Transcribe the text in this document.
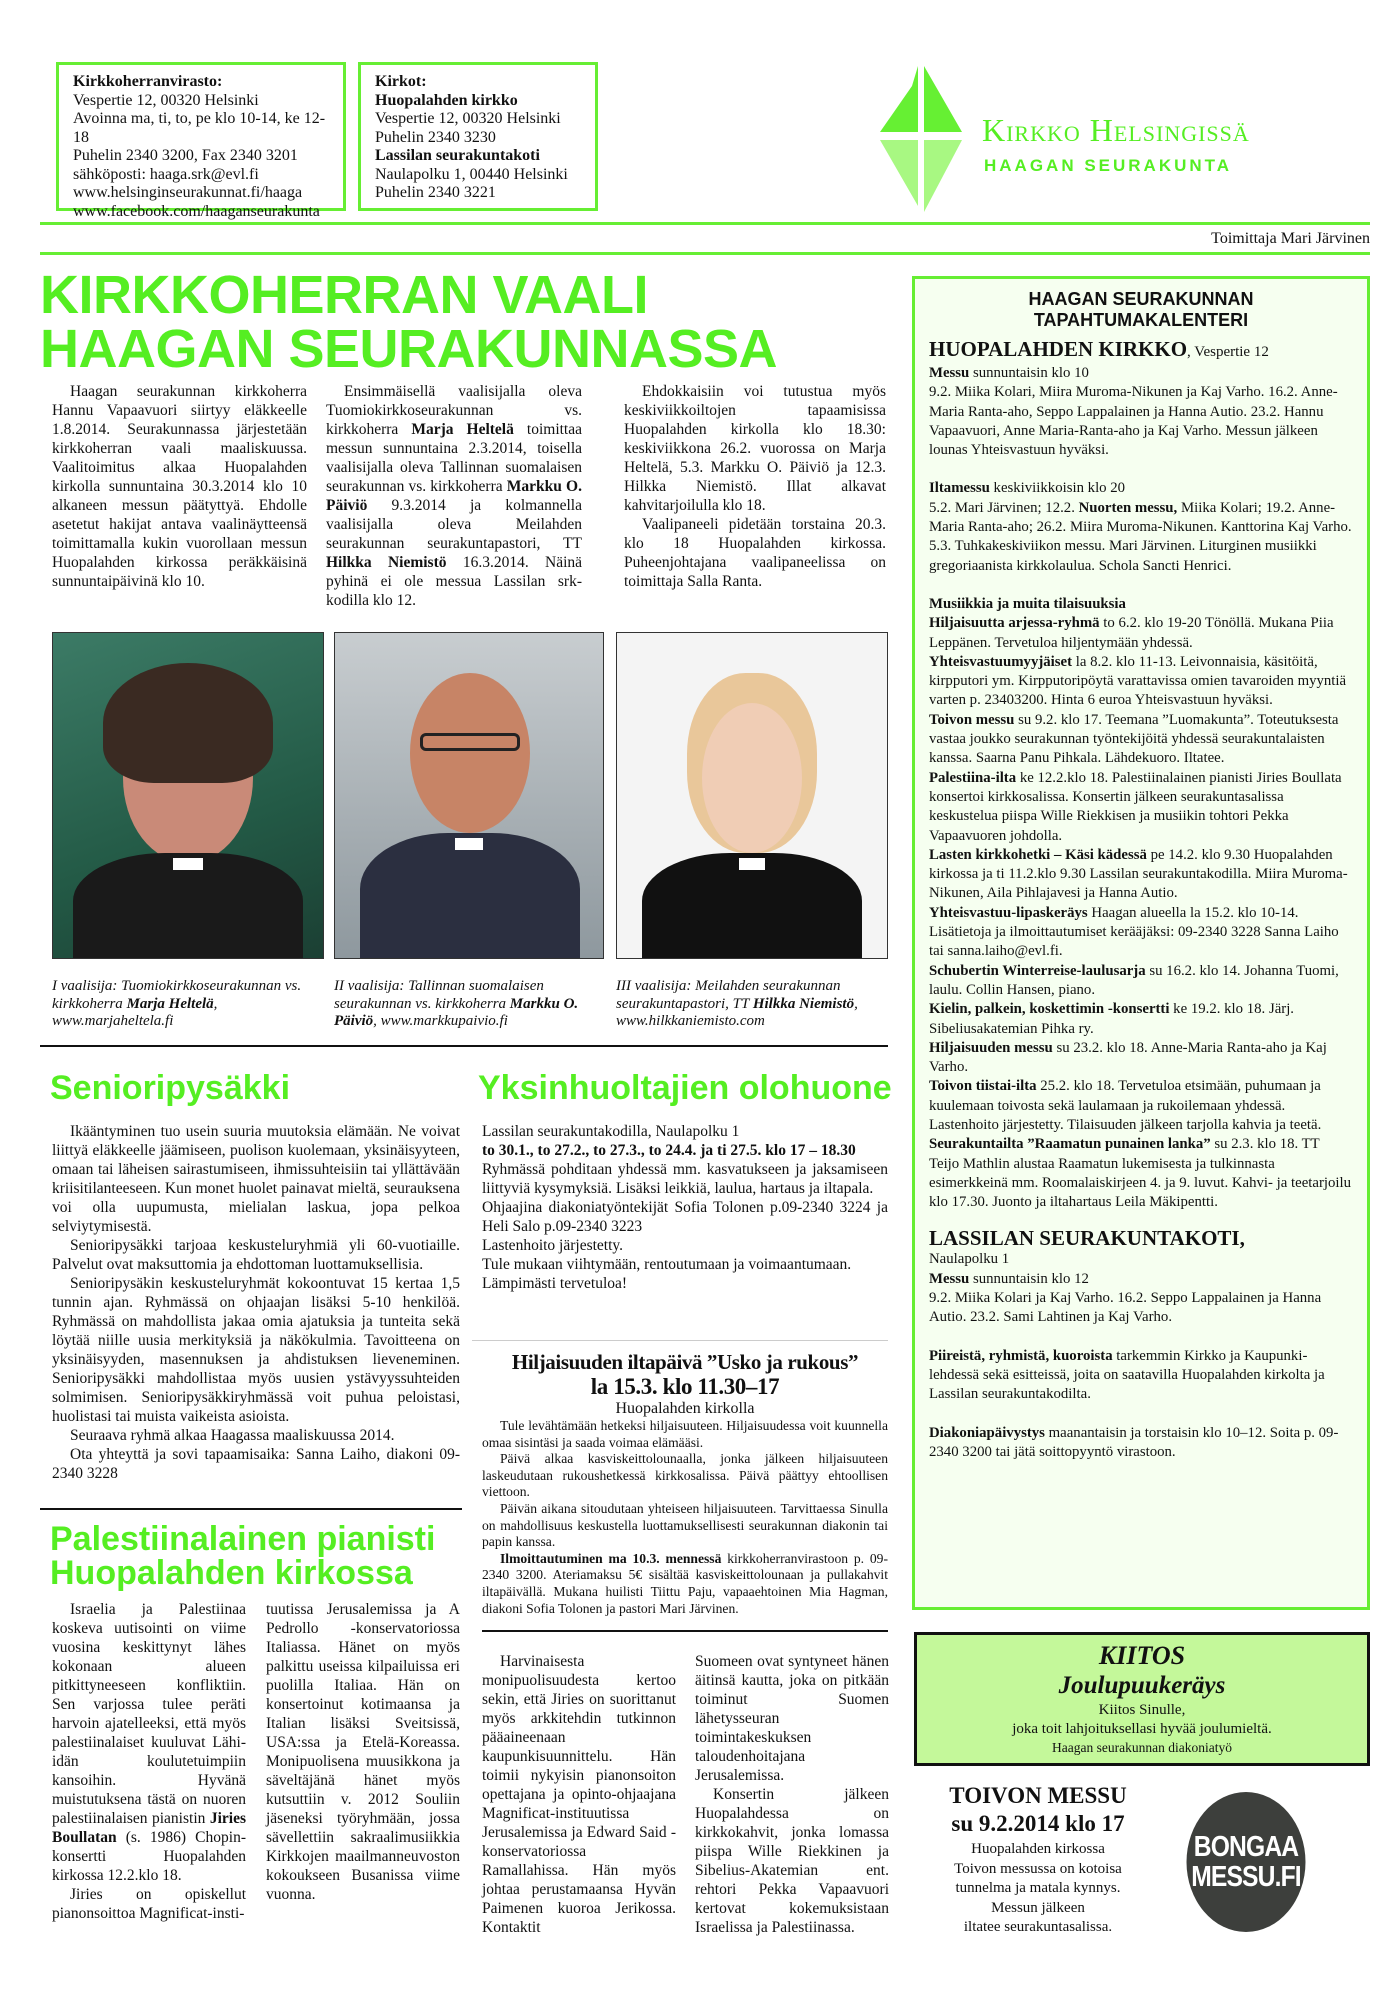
Kirkkoherranvirasto:
Vespertie 12, 00320 Helsinki
Avoinna ma, ti, to, pe klo 10-14, ke 12-18
Puhelin 2340 3200, Fax 2340 3201
sähköposti: haaga.srk@evl.fi
www.helsinginseurakunnat.fi/haaga
www.facebook.com/haaganseurakunta
Kirkot:
Huopalahden kirkko
Vespertie 12, 00320 Helsinki
Puhelin 2340 3230
Lassilan seurakuntakoti
Naulapolku 1, 00440 Helsinki
Puhelin 2340 3221
Kirkko Helsingissä
HAAGAN SEURAKUNTA
Toimittaja Mari Järvinen
KIRKKOHERRAN VAALI
HAAGAN SEURAKUNNASSA

Haagan seurakunnan kirkkoherra Hannu Vapaavuori siirtyy eläkkeelle 1.8.2014. Seurakunnassa järjestetään kirkkoherran vaali maaliskuussa. Vaalitoimitus alkaa Huopalahden kirkolla sunnuntaina 30.3.2014 klo 10 alkaneen messun päätyttyä. Ehdolle asetetut hakijat antava vaalinäytteensä toimittamalla kukin vuorollaan messun Huopalahden kirkossa peräkkäisinä sunnuntaipäivinä klo 10.

Ensimmäisellä vaalisijalla oleva Tuomiokirkkoseurakunnan vs. kirkkoherra Marja Heltelä toimittaa messun sunnuntaina 2.3.2014, toisella vaalisijalla oleva Tallinnan suomalaisen seurakunnan vs. kirkkoherra Markku O. Päiviö 9.3.2014 ja kolmannella vaalisijalla oleva Meilahden seurakunnan seurakuntapastori, TT Hilkka Niemistö 16.3.2014. Näinä pyhinä ei ole messua Lassilan srk-kodilla klo 12.

Ehdokkaisiin voi tutustua myös keskiviikkoiltojen tapaamisissa Huopalahden kirkolla klo 18.30: keskiviikkona 26.2. vuorossa on Marja Heltelä, 5.3. Markku O. Päiviö ja 12.3. Hilkka Niemistö. Illat alkavat kahvitarjoilulla klo 18.

Vaalipaneeli pidetään torstaina 20.3. klo 18 Huopalahden kirkossa. Puheenjohtajana vaalipaneelissa on toimittaja Salla Ranta.

I vaalisija: Tuomiokirkkoseurakunnan vs. kirkkoherra Marja Heltelä, www.marjaheltela.fi
II vaalisija: Tallinnan suomalaisen seurakunnan vs. kirkkoherra Markku O. Päiviö, www.markkupaivio.fi
III vaalisija: Meilahden seurakunnan seurakuntapastori, TT Hilkka Niemistö, www.hilkkaniemisto.com
Senioripysäkki

Ikääntyminen tuo usein suuria muutoksia elämään. Ne voivat liittyä eläkkeelle jäämiseen, puolison kuolemaan, yksinäisyyteen, omaan tai läheisen sairastumiseen, ihmissuhteisiin tai yllättävään kriisitilanteeseen. Kun monet huolet painavat mieltä, seurauksena voi olla uupumusta, mielialan laskua, jopa pelkoa selviytymisestä.

Senioripysäkki tarjoaa keskusteluryhmiä yli 60-vuotiaille. Palvelut ovat maksuttomia ja ehdottoman luottamuksellisia.

Senioripysäkin keskusteluryhmät kokoontuvat 15 kertaa 1,5 tunnin ajan. Ryhmässä on ohjaajan lisäksi 5-10 henkilöä. Ryhmässä on mahdollista jakaa omia ajatuksia ja tunteita sekä löytää niille uusia merkityksiä ja näkökulmia. Tavoitteena on yksinäisyyden, masennuksen ja ahdistuksen lieveneminen. Senioripysäkki mahdollistaa myös uusien ystävyyssuhteiden solmimisen. Senioripysäkkiryhmässä voit puhua peloistasi, huolistasi tai muista vaikeista asioista.

Seuraava ryhmä alkaa Haagassa maaliskuussa 2014.

Ota yhteyttä ja sovi tapaamisaika: Sanna Laiho, diakoni 09-2340 3228

Yksinhuoltajien olohuone

Lassilan seurakuntakodilla, Naulapolku 1

to 30.1., to 27.2., to 27.3., to 24.4. ja ti 27.5. klo 17 – 18.30

Ryhmässä pohditaan yhdessä mm. kasvatukseen ja jaksamiseen liittyviä kysymyksiä. Lisäksi leikkiä, laulua, hartaus ja iltapala.

Ohjaajina diakoniatyöntekijät Sofia Tolonen p.09-2340 3224 ja Heli Salo p.09-2340 3223

Lastenhoito järjestetty.

Tule mukaan viihtymään, rentoutumaan ja voimaantumaan. Lämpimästi tervetuloa!

Hiljaisuuden iltapäivä ”Usko ja rukous”
la 15.3. klo 11.30–17
Huopalahden kirkolla

Tule levähtämään hetkeksi hiljaisuuteen. Hiljaisuudessa voit kuunnella omaa sisintäsi ja saada voimaa elämääsi.

Päivä alkaa kasviskeittolounaalla, jonka jälkeen hiljaisuuteen laskeudutaan rukoushetkessä kirkkosalissa. Päivä päättyy ehtoollisen viettoon.

Päivän aikana sitoudutaan yhteiseen hiljaisuuteen. Tarvittaessa Sinulla on mahdollisuus keskustella luottamuksellisesti seurakunnan diakonin tai papin kanssa.

Ilmoittautuminen ma 10.3. mennessä kirkkoherranvirastoon p. 09-2340 3200. Ateriamaksu 5€ sisältää kasviskeittolounaan ja pullakahvit iltapäivällä. Mukana huilisti Tiittu Paju, vapaaehtoinen Mia Hagman, diakoni Sofia Tolonen ja pastori Mari Järvinen.

Palestiinalainen pianisti
Huopalahden kirkossa

Israelia ja Palestiinaa koskeva uutisointi on viime vuosina keskittynyt lähes kokonaan alueen pitkittyneeseen konfliktiin. Sen varjossa tulee peräti harvoin ajatelleeksi, että myös palestiinalaiset kuuluvat Lähi-idän koulutetuimpiin kansoihin. Hyvänä muistutuksena tästä on nuoren palestiinalaisen pianistin Jiries Boullatan (s. 1986) Chopin-konsertti Huopalahden kirkossa 12.2.klo 18.

Jiries on opiskellut pianonsoittoa Magnificat-insti-

tuutissa Jerusalemissa ja A Pedrollo -konservatoriossa Italiassa. Hänet on myös palkittu useissa kilpailuissa eri puolilla Italiaa. Hän on konsertoinut kotimaansa ja Italian lisäksi Sveitsissä, USA:ssa ja Etelä-Koreassa. Monipuolisena muusikkona ja säveltäjänä hänet myös kutsuttiin v. 2012 Souliin jäseneksi työryhmään, jossa sävellettiin sakraalimusiikkia Kirkkojen maailmanneuvoston kokoukseen Busanissa viime vuonna.

Harvinaisesta monipuolisuudesta kertoo sekin, että Jiries on suorittanut myös arkkitehdin tutkinnon pääaineenaan kaupunkisuunnittelu. Hän toimii nykyisin pianonsoiton opettajana ja opinto-ohjaajana Magnificat-instituutissa Jerusalemissa ja Edward Said -konservatoriossa Ramallahissa. Hän myös johtaa perustamaansa Hyvän Paimenen kuoroa Jerikossa. Kontaktit

Suomeen ovat syntyneet hänen äitinsä kautta, joka on pitkään toiminut Suomen lähetysseuran toimintakeskuksen taloudenhoitajana Jerusalemissa.

Konsertin jälkeen Huopalahdessa on kirkkokahvit, jonka lomassa piispa Wille Riekkinen ja Sibelius-Akatemian ent. rehtori Pekka Vapaavuori kertovat kokemuksistaan Israelissa ja Palestiinassa.

HAAGAN SEURAKUNNAN
TAPAHTUMAKALENTERI
HUOPALAHDEN KIRKKO, Vespertie 12

Messu sunnuntaisin klo 10

9.2. Miika Kolari, Miira Muroma-Nikunen ja Kaj Varho. 16.2. Anne-Maria Ranta-aho, Seppo Lappalainen ja Hanna Autio. 23.2. Hannu Vapaavuori, Anne Maria-Ranta-aho ja Kaj Varho. Messun jälkeen lounas Yhteisvastuun hyväksi.

Iltamessu keskiviikkoisin klo 20

5.2. Mari Järvinen; 12.2. Nuorten messu, Miika Kolari; 19.2. Anne-Maria Ranta-aho; 26.2. Miira Muroma-Nikunen. Kanttorina Kaj Varho. 5.3. Tuhkakeskiviikon messu. Mari Järvinen. Liturginen musiikki gregoriaanista kirkkolaulua. Schola Sancti Henrici.

Musiikkia ja muita tilaisuuksia

Hiljaisuutta arjessa-ryhmä to 6.2. klo 19-20 Tönöllä. Mukana Piia Leppänen. Tervetuloa hiljentymään yhdessä.

Yhteisvastuumyyjäiset la 8.2. klo 11-13. Leivonnaisia, käsitöitä, kirpputori ym. Kirpputoripöytä varattavissa omien tavaroiden myyntiä varten p. 23403200. Hinta 6 euroa Yhteisvastuun hyväksi.

Toivon messu su 9.2. klo 17. Teemana ”Luomakunta”. Toteutuksesta vastaa joukko seurakunnan työntekijöitä yhdessä seurakuntalaisten kanssa. Saarna Panu Pihkala. Lähdekuoro. Iltatee.

Palestiina-ilta ke 12.2.klo 18. Palestiinalainen pianisti Jiries Boullata konsertoi kirkkosalissa. Konsertin jälkeen seurakuntasalissa keskustelua piispa Wille Riekkisen ja musiikin tohtori Pekka Vapaavuoren johdolla.

Lasten kirkkohetki – Käsi kädessä pe 14.2. klo 9.30 Huopalahden kirkossa ja ti 11.2.klo 9.30 Lassilan seurakuntakodilla. Miira Muroma-Nikunen, Aila Pihlajavesi ja Hanna Autio.

Yhteisvastuu-lipaskeräys Haagan alueella la 15.2. klo 10-14. Lisätietoja ja ilmoittautumiset kerääjäksi: 09-2340 3228 Sanna Laiho tai sanna.laiho@evl.fi.

Schubertin Winterreise-laulusarja su 16.2. klo 14. Johanna Tuomi, laulu. Collin Hansen, piano.

Kielin, palkein, koskettimin -konsertti ke 19.2. klo 18. Järj. Sibeliusakatemian Pihka ry.

Hiljaisuuden messu su 23.2. klo 18. Anne-Maria Ranta-aho ja Kaj Varho.

Toivon tiistai-ilta 25.2. klo 18. Tervetuloa etsimään, puhumaan ja kuulemaan toivosta sekä laulamaan ja rukoilemaan yhdessä. Lastenhoito järjestetty. Tilaisuuden jälkeen tarjolla kahvia ja teetä.

Seurakuntailta ”Raamatun punainen lanka” su 2.3. klo 18. TT Teijo Mathlin alustaa Raamatun lukemisesta ja tulkinnasta esimerkkeinä mm. Roomalaiskirjeen 4. ja 9. luvut. Kahvi- ja teetarjoilu klo 17.30. Juonto ja iltahartaus Leila Mäkipentti.

LASSILAN SEURAKUNTAKOTI,

Naulapolku 1

Messu sunnuntaisin klo 12

9.2. Miika Kolari ja Kaj Varho. 16.2. Seppo Lappalainen ja Hanna Autio. 23.2. Sami Lahtinen ja Kaj Varho.

Piireistä, ryhmistä, kuoroista tarkemmin Kirkko ja Kaupunki-lehdessä sekä esitteissä, joita on saatavilla Huopalahden kirkolta ja Lassilan seurakuntakodilta.

Diakoniapäivystys maanantaisin ja torstaisin klo 10–12. Soita p. 09-2340 3200 tai jätä soittopyyntö virastoon.

KIITOS
Joulupuukeräys
Kiitos Sinulle,
joka toit lahjoituksellasi hyvää joulumieltä.
Haagan seurakunnan diakoniatyö
TOIVON MESSU
su 9.2.2014 klo 17
Huopalahden kirkossa
Toivon messussa on kotoisa
tunnelma ja matala kynnys.
Messun jälkeen
iltatee seurakuntasalissa.
BONGAA
MESSU.FI
